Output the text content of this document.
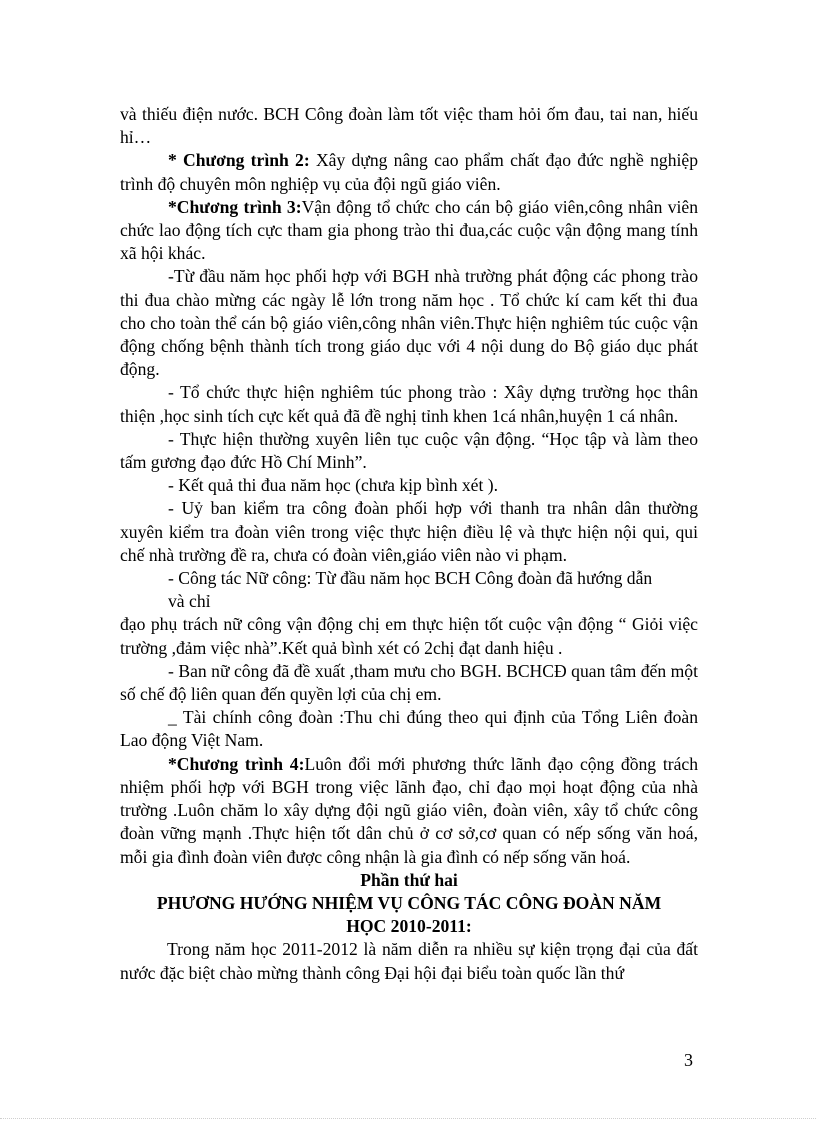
và thiếu điện nước. BCH Công đoàn làm tốt việc tham hỏi ốm đau, tai nan, hiếu hỉ…

* Chương trình 2: Xây dựng nâng cao phẩm chất đạo đức nghề nghiệp trình độ chuyên môn nghiệp vụ của đội ngũ giáo viên.

*Chương trình 3:Vận động tổ chức cho cán bộ giáo viên,công nhân viên chức lao động tích cực tham gia phong trào thi đua,các cuộc vận động mang tính xã hội khác.

-Từ đầu năm học phối hợp với BGH nhà trường phát động các phong trào thi đua chào mừng các ngày lễ lớn trong năm học . Tổ chức kí cam kết thi đua cho cho toàn thể cán bộ giáo viên,công nhân viên.Thực hiện nghiêm túc cuộc vận động chống bệnh thành tích trong giáo dục với 4 nội dung do Bộ giáo dục phát động.

- Tổ chức thực hiện nghiêm túc phong trào : Xây dựng trường học thân thiện ,học sinh tích cực kết quả đã đề nghị tỉnh khen 1cá nhân,huyện 1 cá nhân.

- Thực hiện thường xuyên liên tục cuộc vận động. “Học tập và làm theo tấm gương đạo đức Hồ Chí Minh”.

- Kết quả thi đua năm học (chưa kịp bình xét ).

- Uỷ ban kiểm tra công đoàn phối hợp với thanh tra nhân dân thường xuyên kiểm tra đoàn viên trong việc thực hiện điều lệ và thực hiện nội qui, qui chế nhà trường đề ra, chưa có đoàn viên,giáo viên nào vi phạm.

- Công tác Nữ công: Từ đầu năm học BCH Công đoàn đã hướng dẫn

và chỉ

đạo phụ trách nữ công vận động chị em thực hiện tốt cuộc vận động “ Giỏi việc trường ,đảm việc nhà”.Kết quả bình xét có 2chị đạt danh hiệu .

- Ban nữ công đã đề xuất ,tham mưu cho BGH. BCHCĐ quan tâm đến một số chế độ liên quan đến quyền lợi của chị em.

_ Tài chính công đoàn :Thu chi đúng theo qui định của Tổng Liên đoàn Lao động Việt Nam.

*Chương trình 4:Luôn đổi mới phương thức lãnh đạo cộng đồng trách nhiệm phối hợp với BGH trong việc lãnh đạo, chỉ đạo mọi hoạt động của nhà trường .Luôn chăm lo xây dựng đội ngũ giáo viên, đoàn viên, xây tổ chức công đoàn vững mạnh .Thực hiện tốt dân chủ ở cơ sở,cơ quan có nếp sống văn hoá, mỗi gia đình đoàn viên được công nhận là gia đình có nếp sống văn hoá.

Phần thứ hai

PHƯƠNG HƯỚNG NHIỆM VỤ CÔNG TÁC CÔNG ĐOÀN NĂM

HỌC 2010-2011:

Trong năm học 2011-2012 là năm diễn ra nhiều sự kiện trọng đại của đất nước đặc biệt chào mừng thành công Đại hội đại biểu toàn quốc lần thứ

3
